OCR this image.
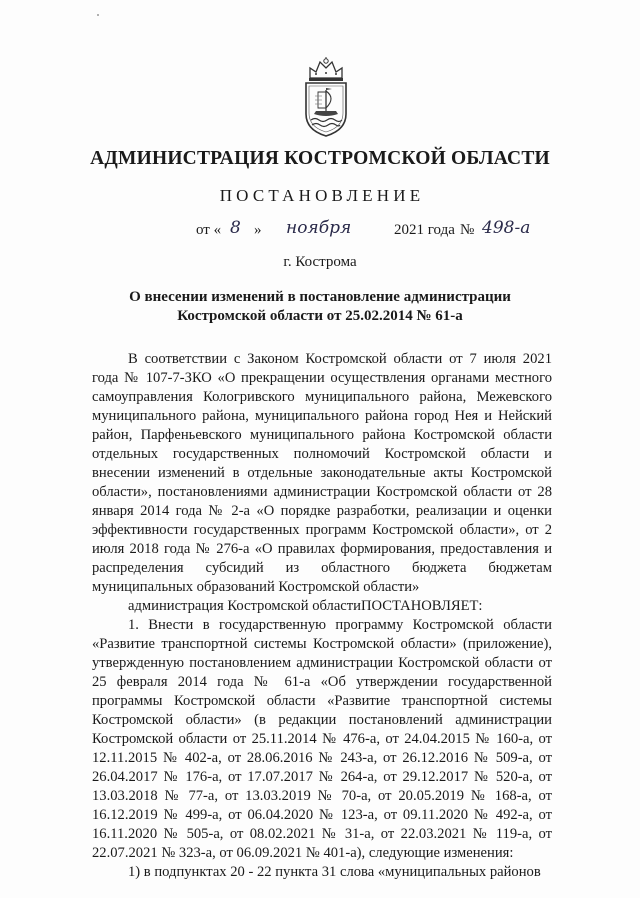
АДМИНИСТРАЦИЯ КОСТРОМСКОЙ ОБЛАСТИ
ПОСТАНОВЛЕНИЕ
от « 8 » ноября	2021 года № 498-а
г. Кострома
О внесении изменений в постановление администрации
Костромской области от 25.02.2014 № 61-а

В соответствии с Законом Костромской области от 7 июля 2021 года № 107-7-ЗКО «О прекращении осуществления органами местного самоуправления Кологривского муниципального района, Межевского муниципального района, муниципального района город Нея и Нейский район, Парфеньевского муниципального района Костромской области отдельных государственных полномочий Костромской области и внесении изменений в отдельные законодательные акты Костромской области», постановлениями администрации Костромской области от 28 января 2014 года № 2-а «О порядке разработки, реализации и оценки эффективности государственных программ Костромской области», от 2 июля 2018 года № 276-а «О правилах формирования, предоставления и распределения субсидий из областного бюджета бюджетам муниципальных образований Костромской области»

администрация Костромской областиПОСТАНОВЛЯЕТ:

1. Внести в государственную программу Костромской области «Развитие транспортной системы Костромской области» (приложение), утвержденную постановлением администрации Костромской области от 25 февраля 2014 года № 61-а «Об утверждении государственной программы Костромской области «Развитие транспортной системы Костромской области» (в редакции постановлений администрации Костромской области от 25.11.2014 № 476-а, от 24.04.2015 № 160-а, от 12.11.2015 № 402-а, от 28.06.2016 № 243-а, от 26.12.2016 № 509-а, от 26.04.2017 № 176-а, от 17.07.2017 № 264-а, от 29.12.2017 № 520-а, от 13.03.2018 № 77-а, от 13.03.2019 № 70-а, от 20.05.2019 № 168-а, от 16.12.2019 № 499-а, от 06.04.2020 № 123-а, от 09.11.2020 № 492-а, от 16.11.2020 № 505-а, от 08.02.2021 № 31-а, от 22.03.2021 № 119-а, от 22.07.2021 № 323-а, от 06.09.2021 № 401-а), следующие изменения:

1) в подпунктах 20 - 22 пункта 31 слова «муниципальных районов
